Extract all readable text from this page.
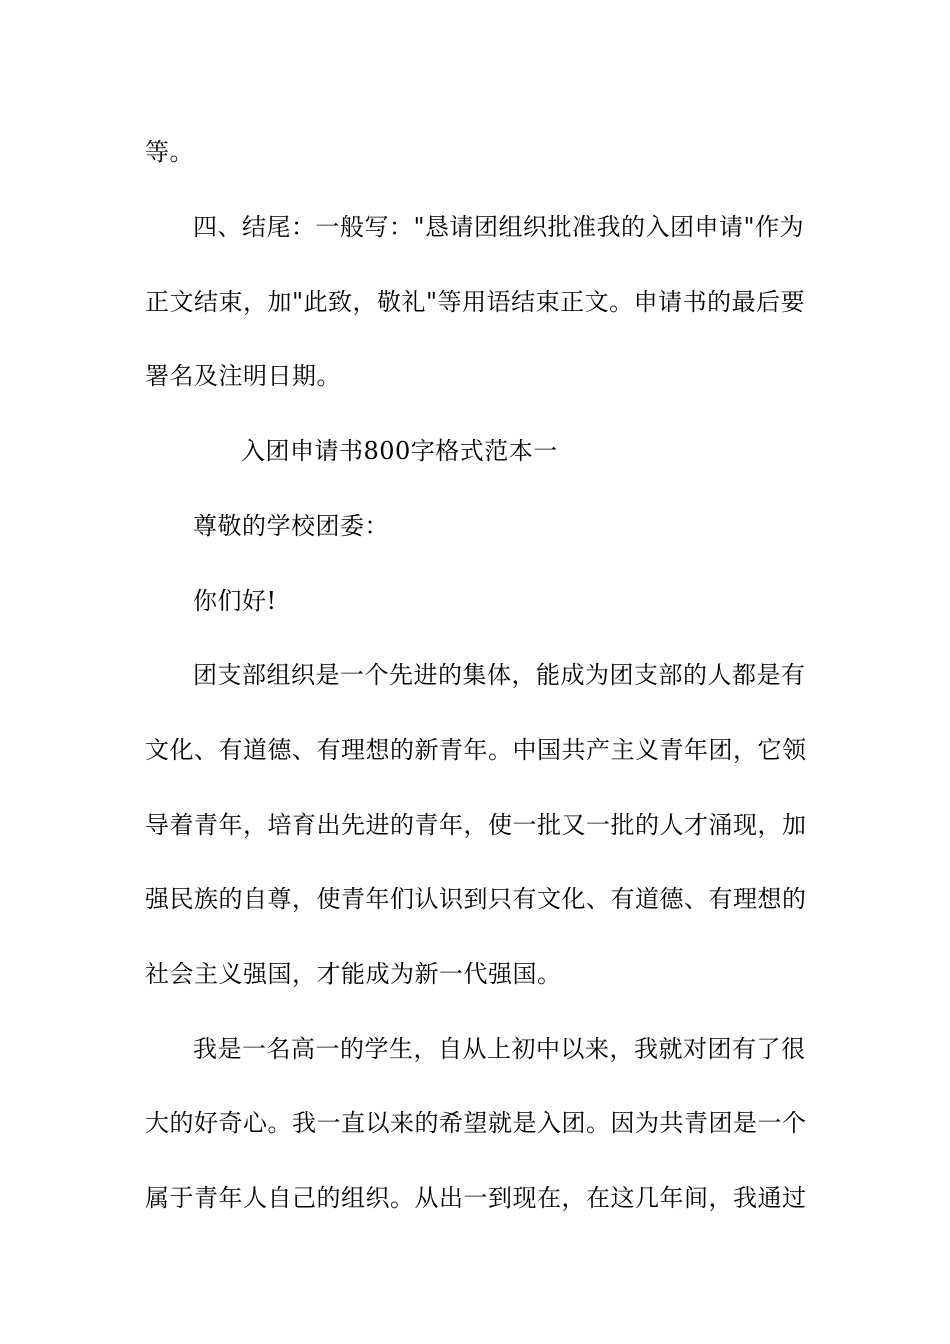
等。
四、结尾：一般写："恳请团组织批准我的入团申请"作为
正文结束，加"此致，敬礼"等用语结束正文。申请书的最后要
署名及注明日期。
入团申请书800字格式范本一
尊敬的学校团委：
你们好!
团支部组织是一个先进的集体，能成为团支部的人都是有
文化、有道德、有理想的新青年。中国共产主义青年团，它领
导着青年，培育出先进的青年，使一批又一批的人才涌现，加
强民族的自尊，使青年们认识到只有文化、有道德、有理想的
社会主义强国，才能成为新一代强国。
我是一名高一的学生，自从上初中以来，我就对团有了很
大的好奇心。我一直以来的希望就是入团。因为共青团是一个
属于青年人自己的组织。从出一到现在，在这几年间，我通过
